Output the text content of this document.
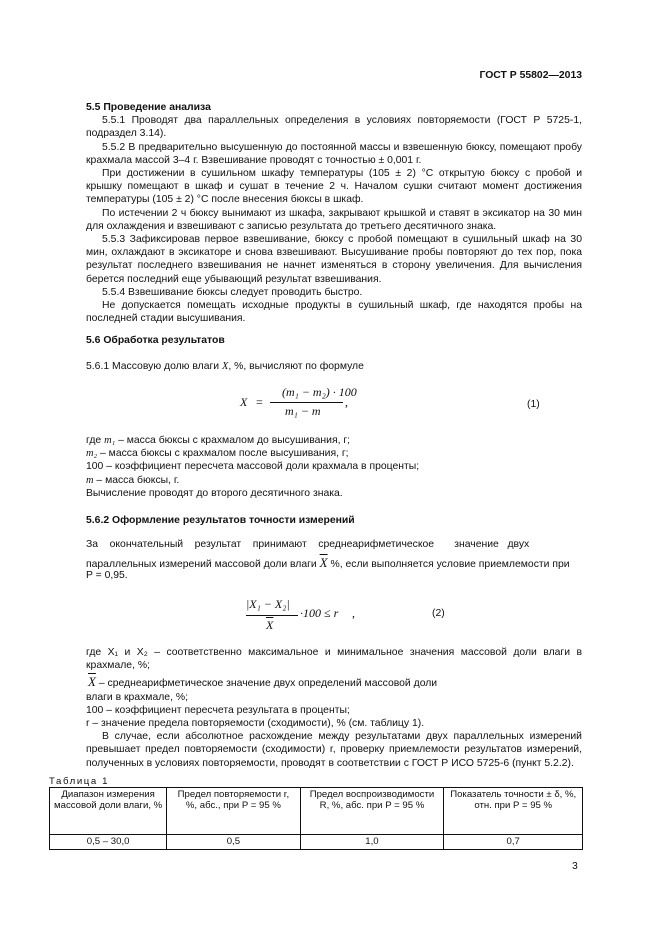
ГОСТ Р 55802—2013
5.5 Проведение анализа

5.5.1 Проводят два параллельных определения в условиях повторяемости (ГОСТ Р 5725-1, подраздел 3.14).

5.5.2 В предварительно высушенную до постоянной массы и взвешенную бюксу, помещают пробу крахмала массой 3–4 г. Взвешивание проводят с точностью ± 0,001 г.

При достижении в сушильном шкафу температуры (105 ± 2) °С открытую бюксу с пробой и крышку помещают в шкаф и сушат в течение 2 ч. Началом сушки считают момент достижения температуры (105 ± 2) °С после внесения бюксы в шкаф.

По истечении 2 ч бюксу вынимают из шкафа, закрывают крышкой и ставят в эксикатор на 30 мин для охлаждения и взвешивают с записью результата до третьего десятичного знака.

5.5.3 Зафиксировав первое взвешивание, бюксу с пробой помещают в сушильный шкаф на 30 мин, охлаждают в эксикаторе и снова взвешивают. Высушивание пробы повторяют до тех пор, пока результат последнего взвешивания не начнет изменяться в сторону увеличения. Для вычисления берется последний еще убывающий результат взвешивания.

5.5.4 Взвешивание бюксы следует проводить быстро.

Не допускается помещать исходные продукты в сушильный шкаф, где находятся пробы на последней стадии высушивания.

5.6 Обработка результатов
5.6.1 Массовую долю влаги X, %, вычисляют по формуле
X =
(m₁ − m₂) · 100
m₁ − m
,	(1)
где m₁ – масса бюксы с крахмалом до высушивания, г;
m₂ – масса бюксы с крахмалом после высушивания, г;
100 – коэффициент пересчета массовой доли крахмала в проценты;
m – масса бюксы, г.
Вычисление проводят до второго десятичного знака.
5.6.2 Оформление результатов точности измерений
За    окончательный    результат    принимают    среднеарифметическое       значение   двух
параллельных измерений массовой доли влаги $\overline{X}$ %, если выполняется условие приемлемости при
P = 0,95.
|X₁ − X₂|
$\overline{X}$
·100 ≤ r ,	(2)

где X₁ и X₂ – соответственно максимальное и минимальное значения массовой доли влаги в крахмале, %;

$\overline{X}$ – среднеарифметическое значение двух определений массовой доли
влаги в крахмале, %;
100 – коэффициент пересчета результата в проценты;
r – значение предела повторяемости (сходимости), % (см. таблицу 1).

В случае, если абсолютное расхождение между результатами двух параллельных измерений превышает предел повторяемости (сходимости) r, проверку приемлемости результатов измерений, полученных в условиях повторяемости, проводят в соответствии с ГОСТ Р ИСО 5725-6 (пункт 5.2.2).

Таблица 1
Диапазон измерения массовой доли влаги, %	Предел повторяемости r, %, абс., при P = 95 %	Предел воспроизводимости R, %, абс. при P = 95 %	Показатель точности ± δ, %, отн. при P = 95 %
0,5 – 30,0	0,5	1,0	0,7
3
